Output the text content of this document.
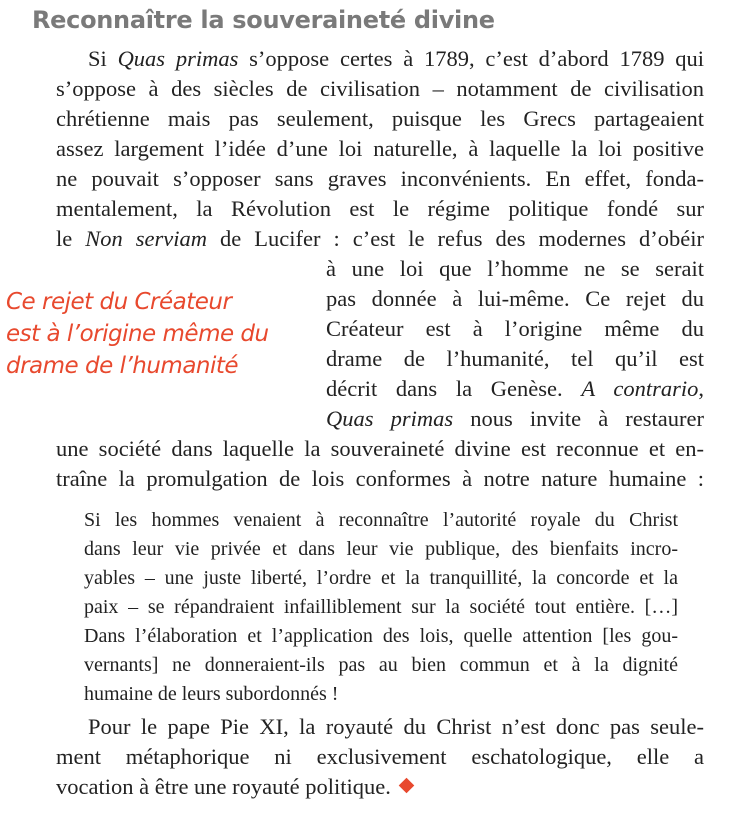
Reconnaître la souveraineté divine
Si Quas primas s’oppose certes à 1789, c’est d’abord 1789 qui
s’oppose à des siècles de civilisation – notamment de civilisation
chrétienne mais pas seulement, puisque les Grecs partageaient
assez largement l’idée d’une loi naturelle, à laquelle la loi positive
ne pouvait s’opposer sans graves inconvénients. En effet, fonda-
mentalement, la Révolution est le régime politique fondé sur
le Non serviam de Lucifer : c’est le refus des modernes d’obéir
à une loi que l’homme ne se serait
pas donnée à lui-même. Ce rejet du
Créateur est à l’origine même du
drame de l’humanité, tel qu’il est
décrit dans la Genèse. A contrario,
Quas primas nous invite à restaurer
une société dans laquelle la souveraineté divine est reconnue et en-
traîne la promulgation de lois conformes à notre nature humaine :
Ce rejet du Créateur
est à l’origine même du
drame de l’humanité
Si les hommes venaient à reconnaître l’autorité royale du Christ
dans leur vie privée et dans leur vie publique, des bienfaits incro-
yables – une juste liberté, l’ordre et la tranquillité, la concorde et la
paix – se répandraient infailliblement sur la société tout entière. […]
Dans l’élaboration et l’application des lois, quelle attention [les gou-
vernants] ne donneraient-ils pas au bien commun et à la dignité
humaine de leurs subordonnés !
Pour le pape Pie XI, la royauté du Christ n’est donc pas seule-
ment métaphorique ni exclusivement eschatologique, elle a
vocation à être une royauté politique.
